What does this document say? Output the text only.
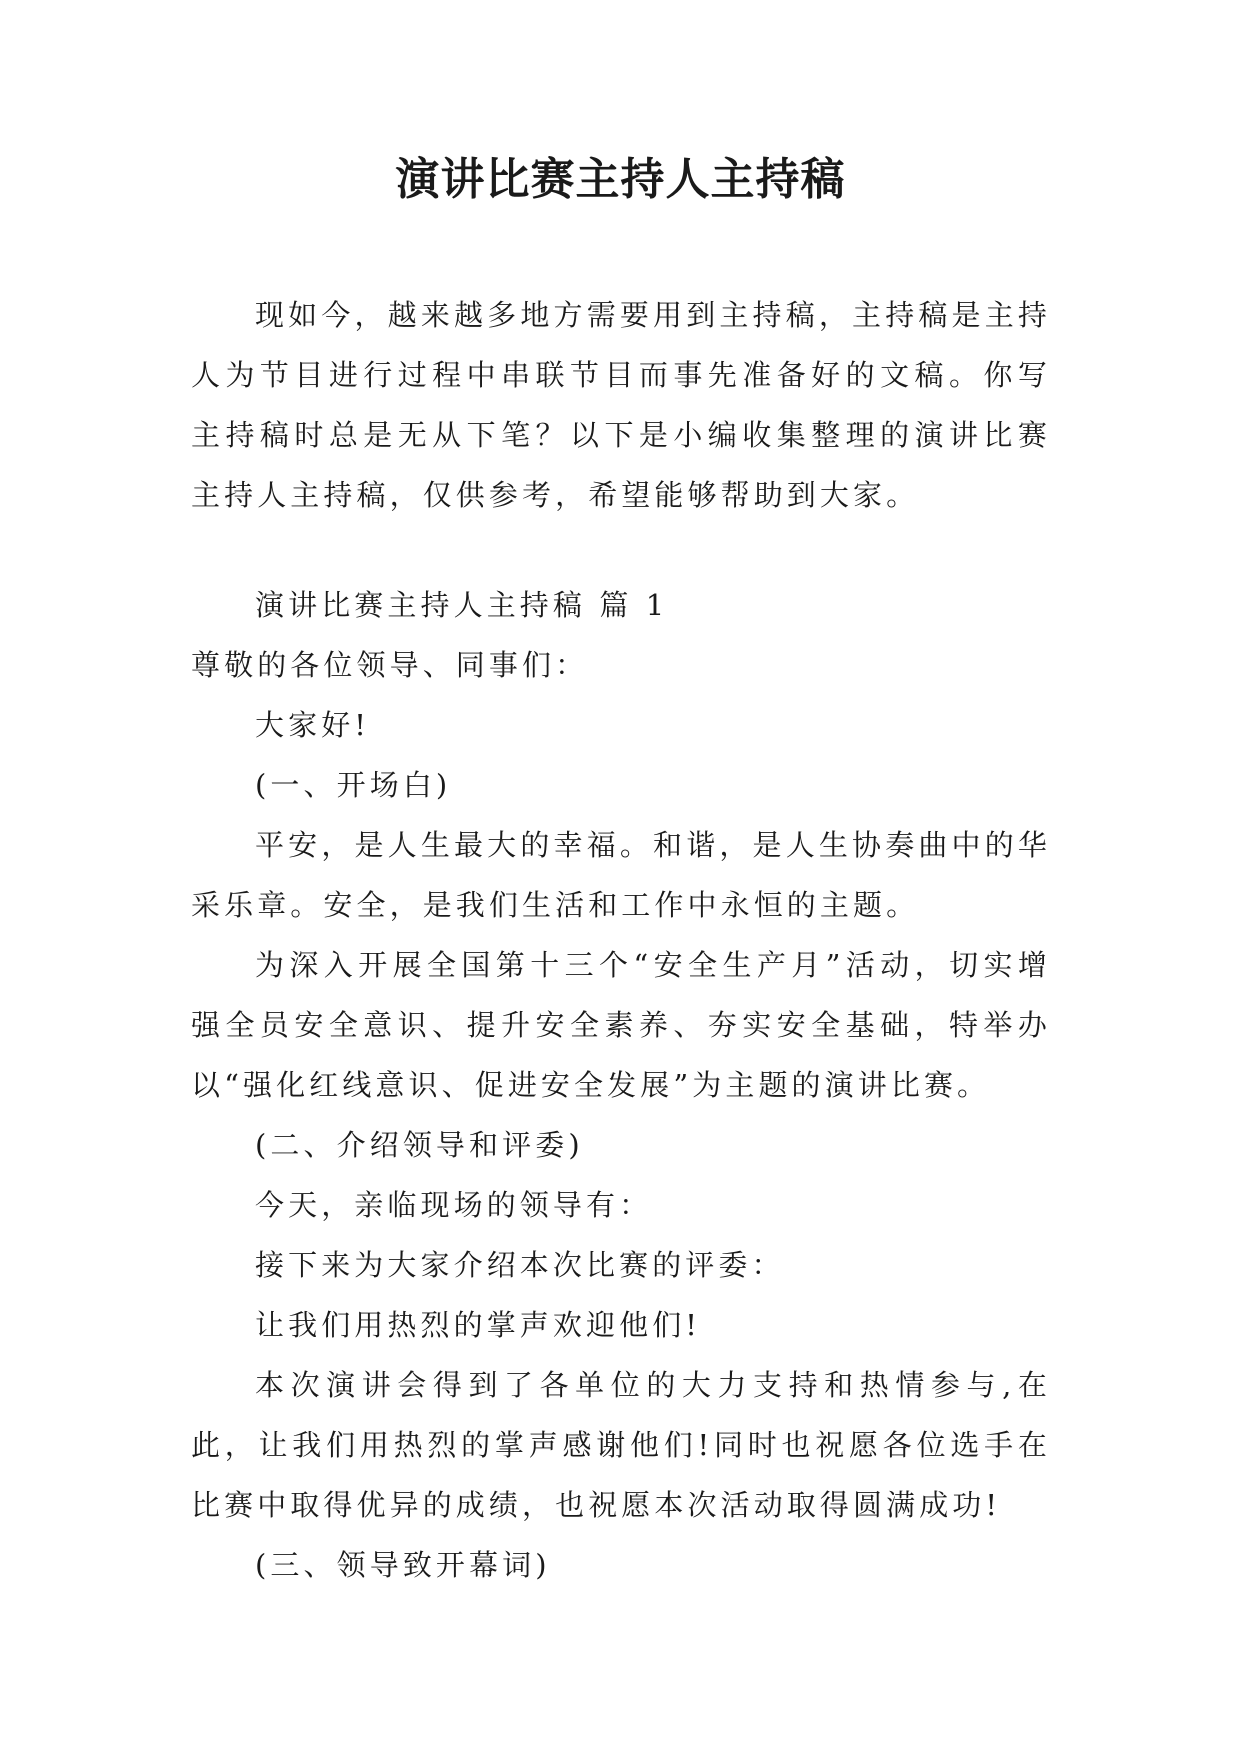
演讲比赛主持人主持稿

现如今，越来越多地方需要用到主持稿，主持稿是主持人为节目进行过程中串联节目而事先准备好的文稿。你写主持稿时总是无从下笔？以下是小编收集整理的演讲比赛主持人主持稿，仅供参考，希望能够帮助到大家。

演讲比赛主持人主持稿 篇 1

尊敬的各位领导、同事们：

大家好!

(一、开场白)

平安，是人生最大的幸福。和谐，是人生协奏曲中的华采乐章。安全，是我们生活和工作中永恒的主题。

为深入开展全国第十三个“安全生产月”活动，切实增强全员安全意识、提升安全素养、夯实安全基础，特举办以“强化红线意识、促进安全发展”为主题的演讲比赛。

(二、介绍领导和评委)

今天，亲临现场的领导有：

接下来为大家介绍本次比赛的评委：

让我们用热烈的掌声欢迎他们!

本次演讲会得到了各单位的大力支持和热情参与,在此，让我们用热烈的掌声感谢他们!同时也祝愿各位选手在比赛中取得优异的成绩，也祝愿本次活动取得圆满成功!

(三、领导致开幕词)
